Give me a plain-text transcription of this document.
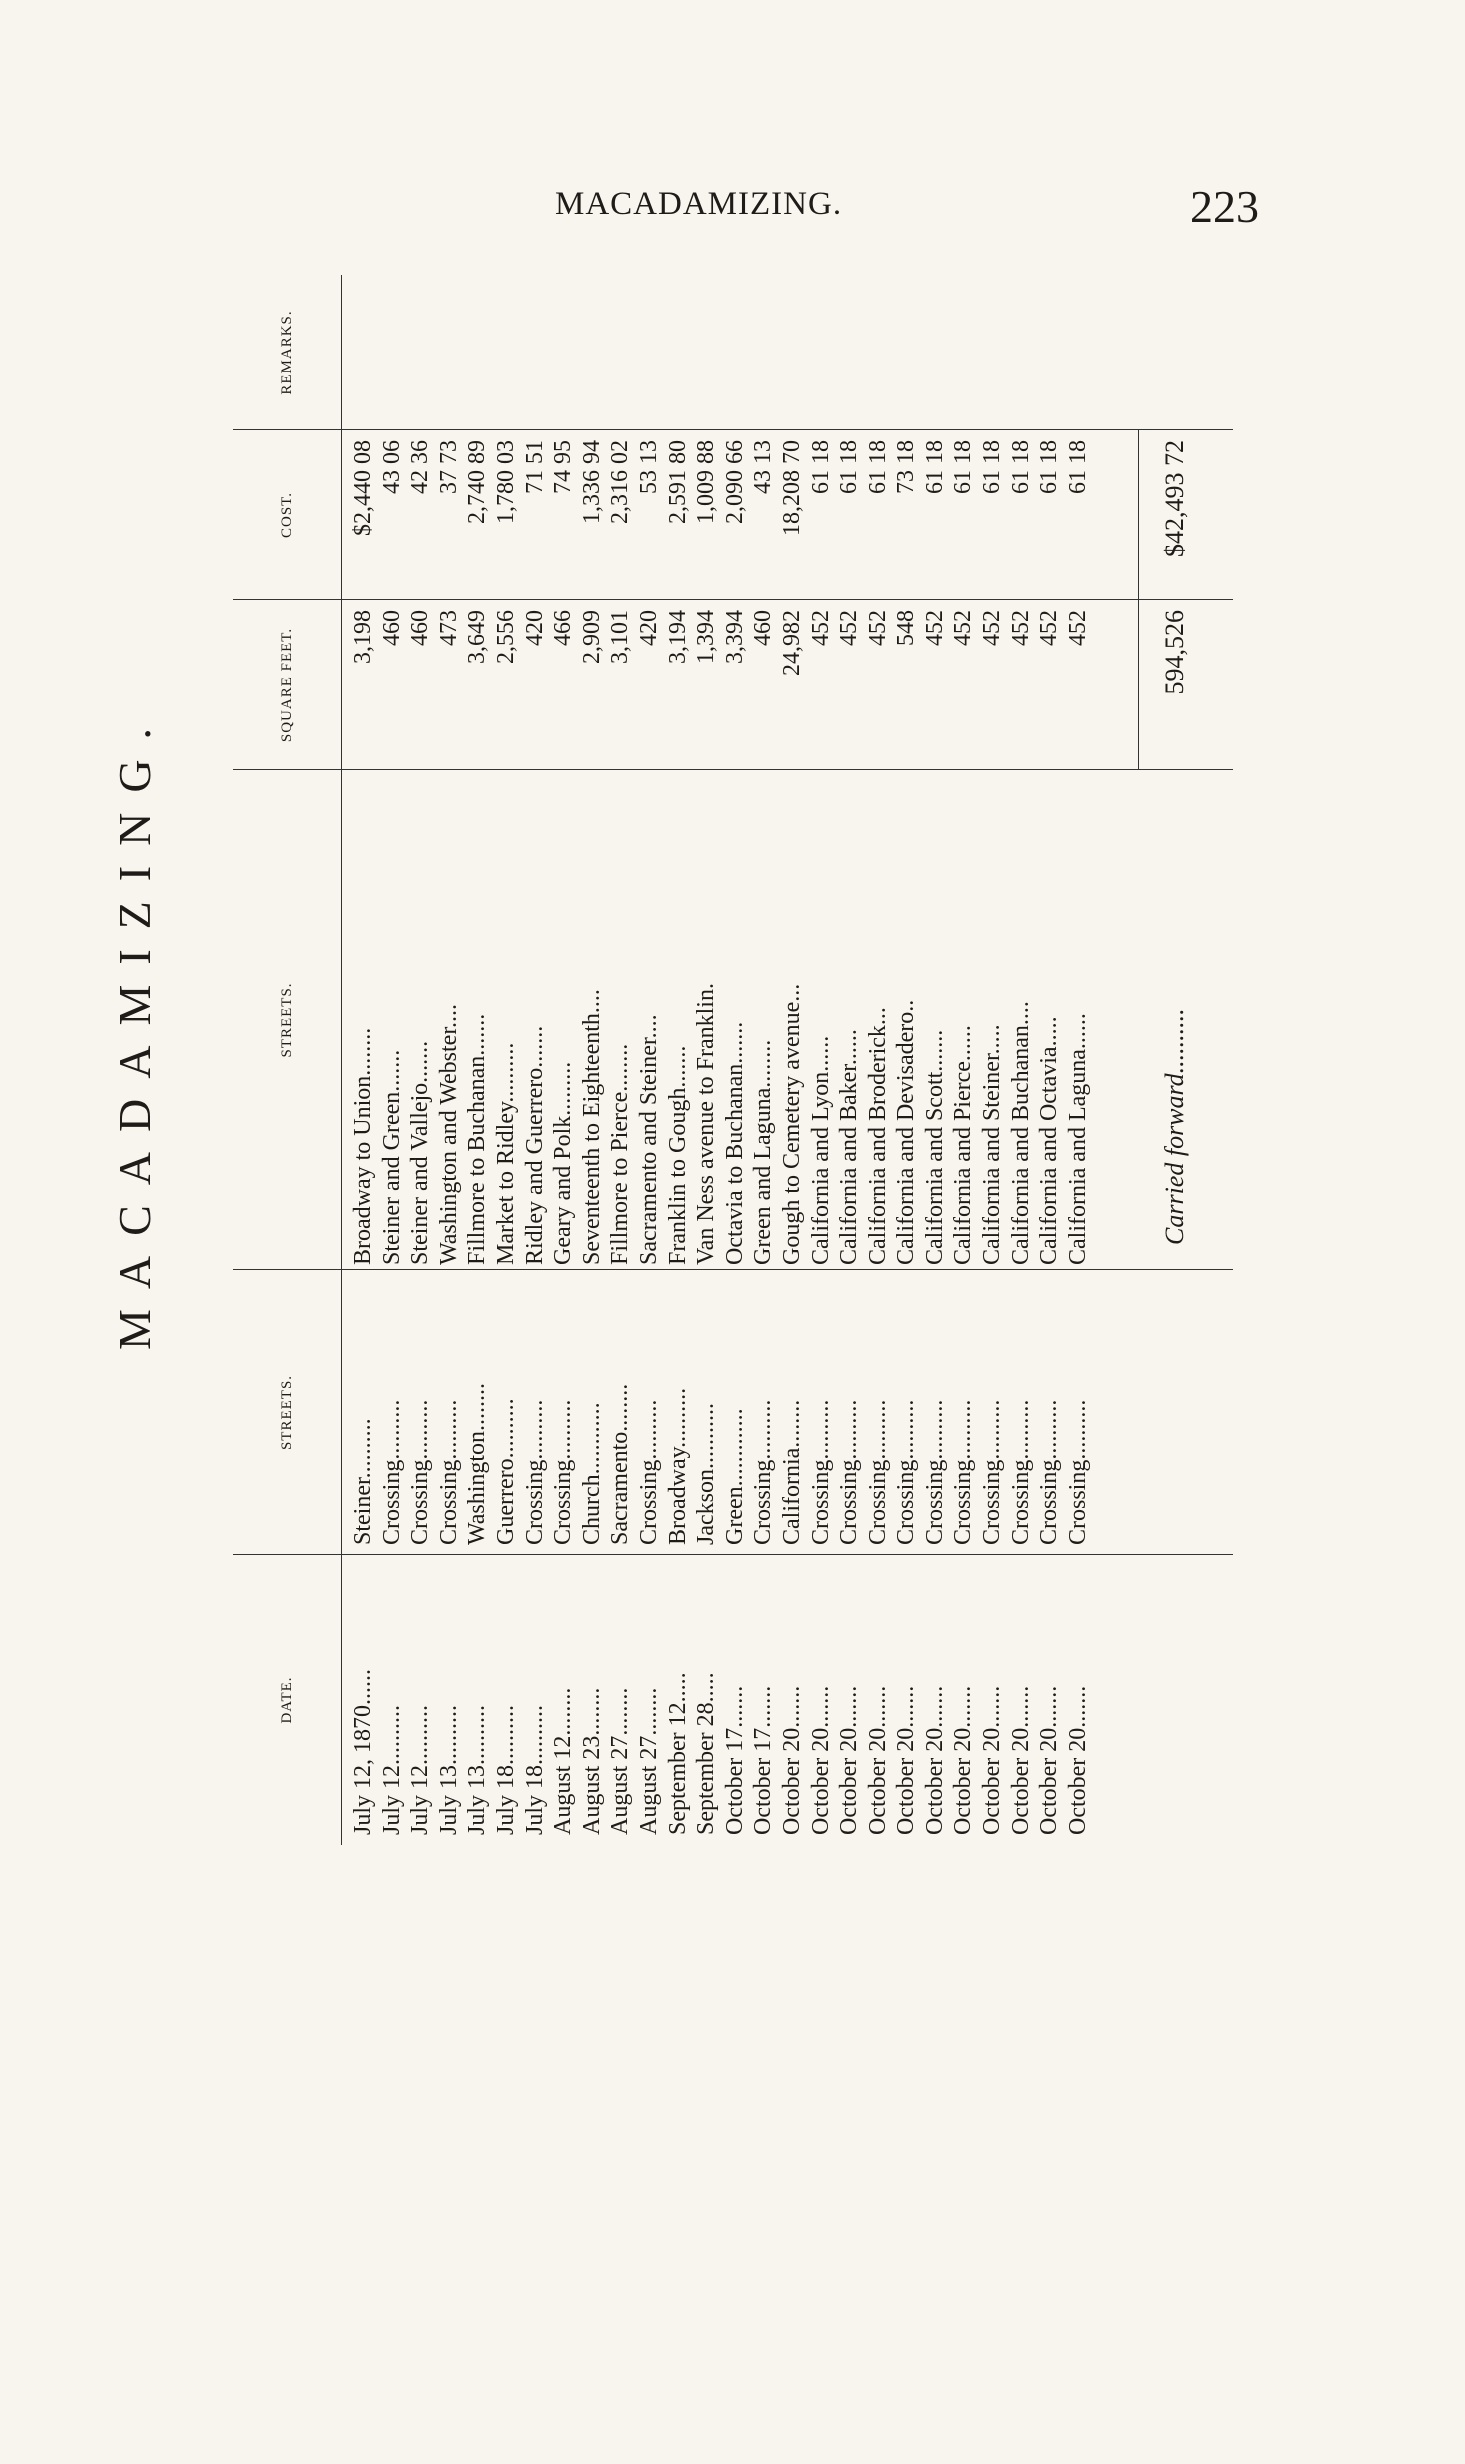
MACADAMIZING.	223
MACADAMIZING.
DATE.
STREETS.
STREETS.
SQUARE FEET.
COST.
REMARKS.
July 12, 1870......
Steiner..........
Broadway to Union........
3,198
$2,440 08
July 12..........
Crossing..........
Steiner and Green.......
460
43 06
July 12..........
Crossing..........
Steiner and Vallejo.......
460
42 36
July 13..........
Crossing..........
Washington and Webster....
473
37 73
July 13..........
Washington........
Fillmore to Buchanan.......
3,649
2,740 89
July 18..........
Guerrero..........
Market to Ridley..........
2,556
1,780 03
July 18..........
Crossing..........
Ridley and Guerrero.......
420
71 51
August 12........
Crossing..........
Geary and Polk.........
466
74 95
August 23........
Church............
Seventeenth to Eighteenth....
2,909
1,336 94
August 27........
Sacramento........
Fillmore to Pierce........
3,101
2,316 02
August 27........
Crossing..........
Sacramento and Steiner....
420
53 13
September 12.....
Broadway..........
Franklin to Gough.......
3,194
2,591 80
September 28.....
Jackson...........
Van Ness avenue to Franklin.
1,394
1,009 88
October 17.......
Green.............
Octavia to Buchanan.......
3,394
2,090 66
October 17.......
Crossing..........
Green and Laguna........
460
43 13
October 20.......
California........
Gough to Cemetery avenue...
24,982
18,208 70
October 20.......
Crossing..........
California and Lyon......
452
61 18
October 20.......
Crossing..........
California and Baker......
452
61 18
October 20.......
Crossing..........
California and Broderick...
452
61 18
October 20.......
Crossing..........
California and Devisadero..
548
73 18
October 20.......
Crossing..........
California and Scott.......
452
61 18
October 20.......
Crossing..........
California and Pierce......
452
61 18
October 20.......
Crossing..........
California and Steiner.....
452
61 18
October 20.......
Crossing..........
California and Buchanan....
452
61 18
October 20.......
Crossing..........
California and Octavia.....
452
61 18
October 20.......
Crossing..........
California and Laguna......
452
61 18
Carried forward..........
594,526
$42,493 72
